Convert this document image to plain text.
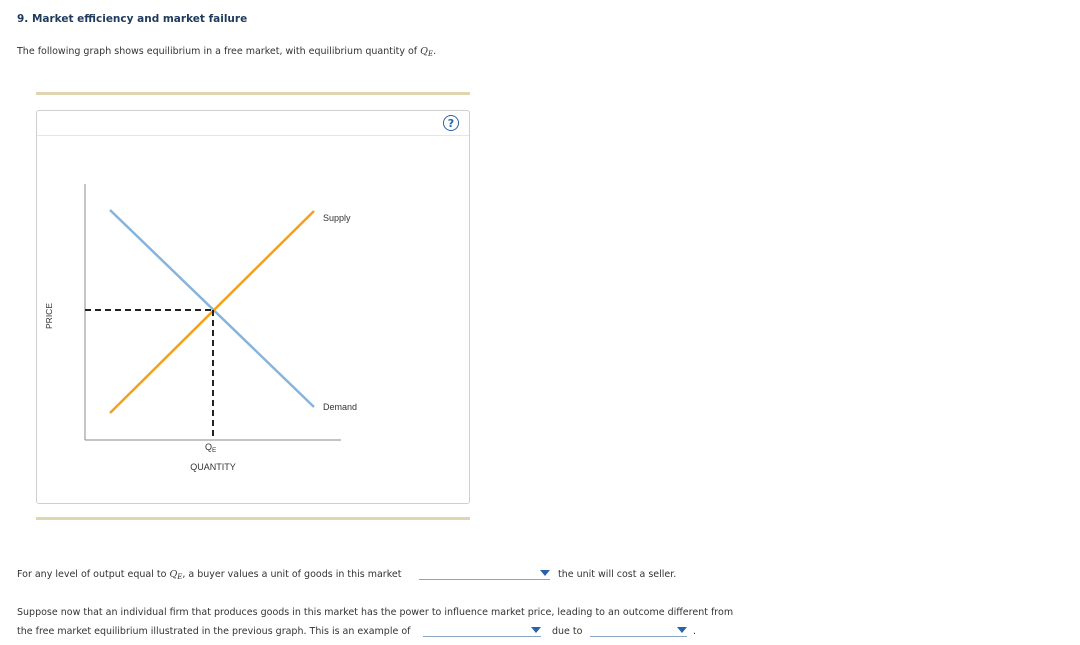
9. Market efficiency and market failure
The following graph shows equilibrium in a free market, with equilibrium quantity of $Q_E$.
?
Supply
Demand
QUANTITY
PRICE
$Q_E$
For any level of output equal to $Q_E$, a buyer values a unit of goods in this market	the unit will cost a seller.
Suppose now that an individual firm that produces goods in this market has the power to influence market price, leading to an outcome different from
the free market equilibrium illustrated in the previous graph. This is an example of	due to	.
